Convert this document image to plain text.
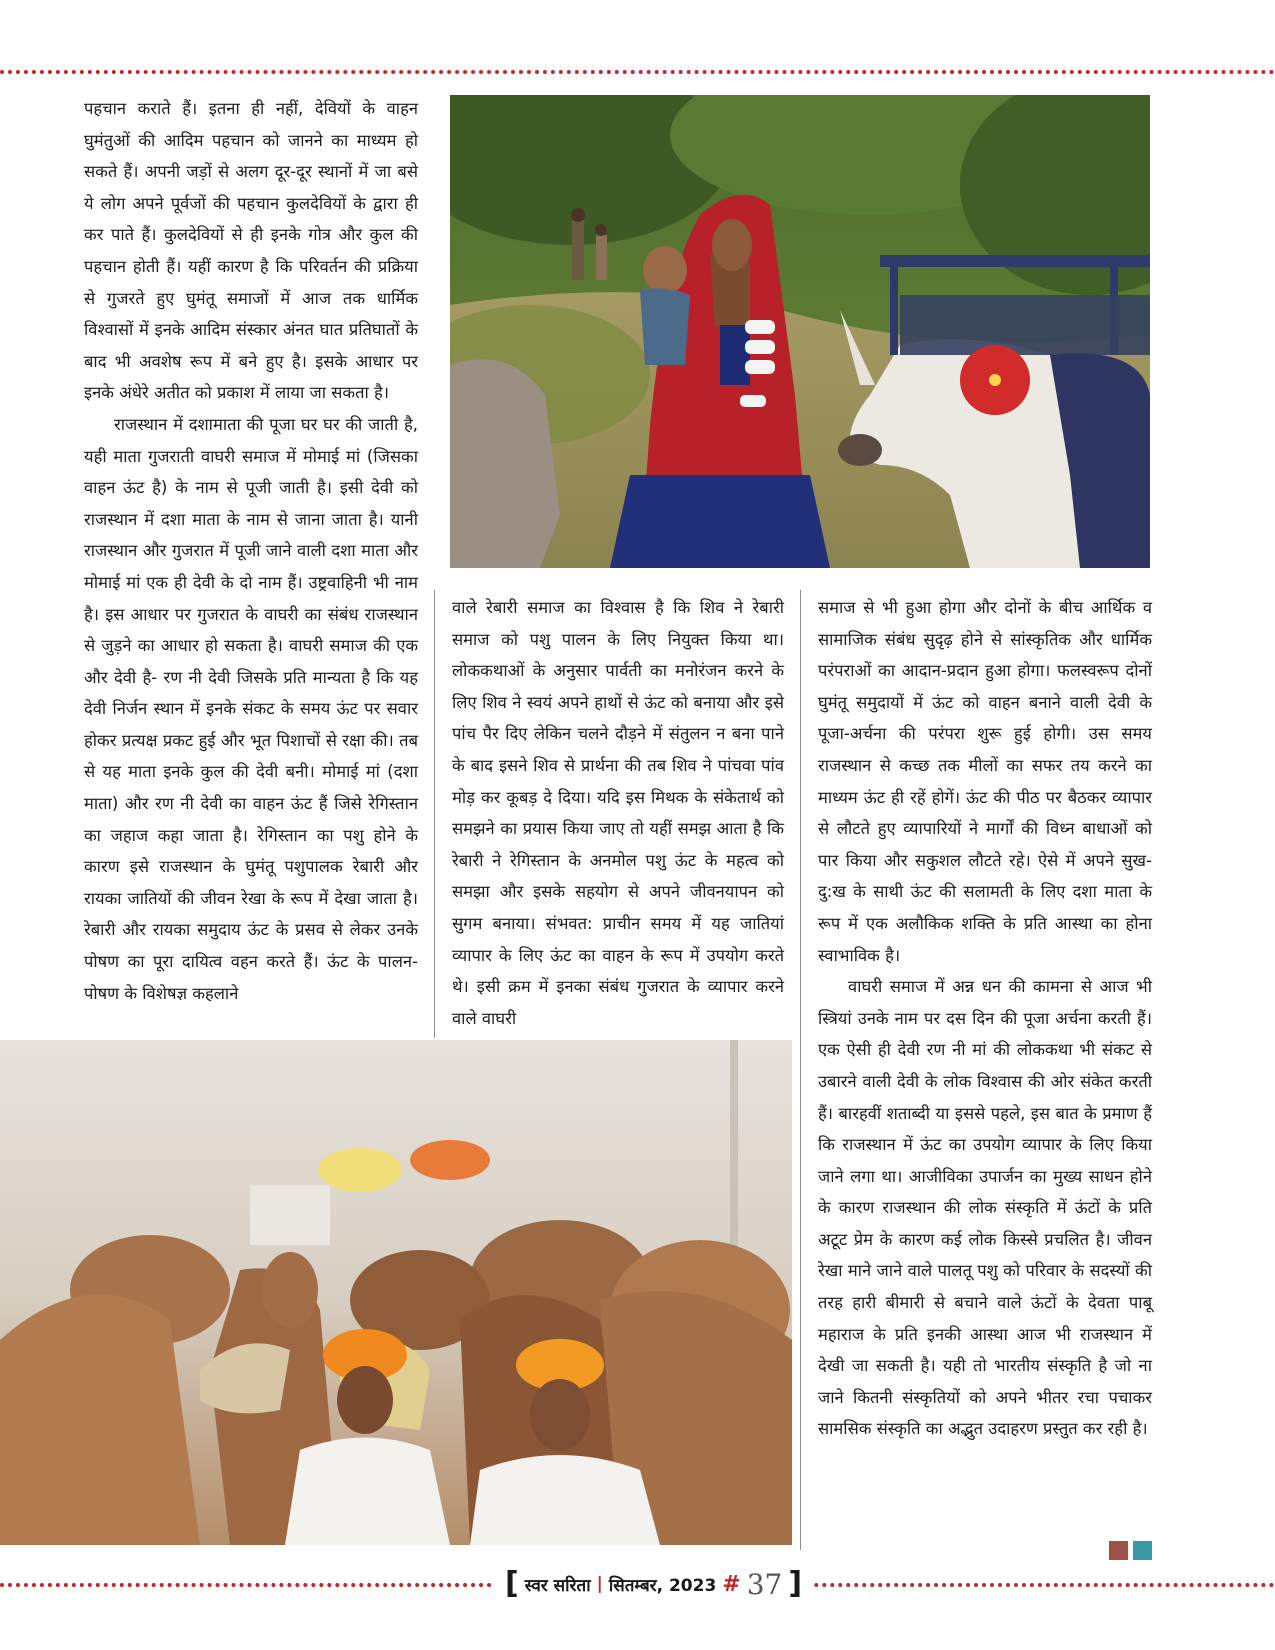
पहचान कराते हैं। इतना ही नहीं, देवियों के वाहन घुमंतुओं की आदिम पहचान को जानने का माध्यम हो सकते हैं। अपनी जड़ों से अलग दूर-दूर स्थानों में जा बसे ये लोग अपने पूर्वजों की पहचान कुलदेवियों के द्वारा ही कर पाते हैं। कुलदेवियों से ही इनके गोत्र और कुल की पहचान होती हैं। यहीं कारण है कि परिवर्तन की प्रक्रिया से गुजरते हुए घुमंतू समाजों में आज तक धार्मिक विश्वासों में इनके आदिम संस्कार अंनत घात प्रतिघातों के बाद भी अवशेष रूप में बने हुए है। इसके आधार पर इनके अंधेरे अतीत को प्रकाश में लाया जा सकता है।

राजस्थान में दशामाता की पूजा घर घर की जाती है, यही माता गुजराती वाघरी समाज में मोमाई मां (जिसका वाहन ऊंट है) के नाम से पूजी जाती है। इसी देवी को राजस्थान में दशा माता के नाम से जाना जाता है। यानी राजस्थान और गुजरात में पूजी जाने वाली दशा माता और मोमाई मां एक ही देवी के दो नाम हैं। उष्ट्रवाहिनी भी नाम है। इस आधार पर गुजरात के वाघरी का संबंध राजस्थान से जुड़ने का आधार हो सकता है। वाघरी समाज की एक और देवी है- रण नी देवी जिसके प्रति मान्यता है कि यह देवी निर्जन स्थान में इनके संकट के समय ऊंट पर सवार होकर प्रत्यक्ष प्रकट हुई और भूत पिशाचों से रक्षा की। तब से यह माता इनके कुल की देवी बनी। मोमाई मां (दशा माता) और रण नी देवी का वाहन ऊंट हैं जिसे रेगिस्तान का जहाज कहा जाता है। रेगिस्तान का पशु होने के कारण इसे राजस्थान के घुमंतू पशुपालक रेबारी और रायका जातियों की जीवन रेखा के रूप में देखा जाता है। रेबारी और रायका समुदाय ऊंट के प्रसव से लेकर उनके पोषण का पूरा दायित्व वहन करते हैं। ऊंट के पालन-पोषण के विशेषज्ञ कहलाने

वाले रेबारी समाज का विश्वास है कि शिव ने रेबारी समाज को पशु पालन के लिए नियुक्त किया था। लोककथाओं के अनुसार पार्वती का मनोरंजन करने के लिए शिव ने स्वयं अपने हाथों से ऊंट को बनाया और इसे पांच पैर दिए लेकिन चलने दौड़ने में संतुलन न बना पाने के बाद इसने शिव से प्रार्थना की तब शिव ने पांचवा पांव मोड़ कर कूबड़ दे दिया। यदि इस मिथक के संकेतार्थ को समझने का प्रयास किया जाए तो यहीं समझ आता है कि रेबारी ने रेगिस्तान के अनमोल पशु ऊंट के महत्व को समझा और इसके सहयोग से अपने जीवनयापन को सुगम बनाया। संभवत: प्राचीन समय में यह जातियां व्यापार के लिए ऊंट का वाहन के रूप में उपयोग करते थे। इसी क्रम में इनका संबंध गुजरात के व्यापार करने वाले वाघरी

समाज से भी हुआ होगा और दोनों के बीच आर्थिक व सामाजिक संबंध सुदृढ़ होने से सांस्कृतिक और धार्मिक परंपराओं का आदान-प्रदान हुआ होगा। फलस्वरूप दोनों घुमंतू समुदायों में ऊंट को वाहन बनाने वाली देवी के पूजा-अर्चना की परंपरा शुरू हुई होगी। उस समय राजस्थान से कच्छ तक मीलों का सफर तय करने का माध्यम ऊंट ही रहें होगें। ऊंट की पीठ पर बैठकर व्यापार से लौटते हुए व्यापारियों ने मार्गों की विध्न बाधाओं को पार किया और सकुशल लौटते रहे। ऐसे में अपने सुख-दु:ख के साथी ऊंट की सलामती के लिए दशा माता के रूप में एक अलौकिक शक्ति के प्रति आस्था का होना स्वाभाविक है।

वाघरी समाज में अन्न धन की कामना से आज भी स्त्रियां उनके नाम पर दस दिन की पूजा अर्चना करती हैं। एक ऐसी ही देवी रण नी मां की लोककथा भी संकट से उबारने वाली देवी के लोक विश्वास की ओर संकेत करती हैं। बारहवीं शताब्दी या इससे पहले, इस बात के प्रमाण हैं कि राजस्थान में ऊंट का उपयोग व्यापार के लिए किया जाने लगा था। आजीविका उपार्जन का मुख्य साधन होने के कारण राजस्थान की लोक संस्कृति में ऊंटों के प्रति अटूट प्रेम के कारण कई लोक किस्से प्रचलित है। जीवन रेखा माने जाने वाले पालतू पशु को परिवार के सदस्यों की तरह हारी बीमारी से बचाने वाले ऊंटों के देवता पाबू महाराज के प्रति इनकी आस्था आज भी राजस्थान में देखी जा सकती है। यही तो भारतीय संस्कृति है जो ना जाने कितनी संस्कृतियों को अपने भीतर रचा पचाकर सामसिक संस्कृति का अद्भुत उदाहरण प्रस्तुत कर रही है।

[ स्वर सरिता | सितम्बर, 2023 # 37 ]
